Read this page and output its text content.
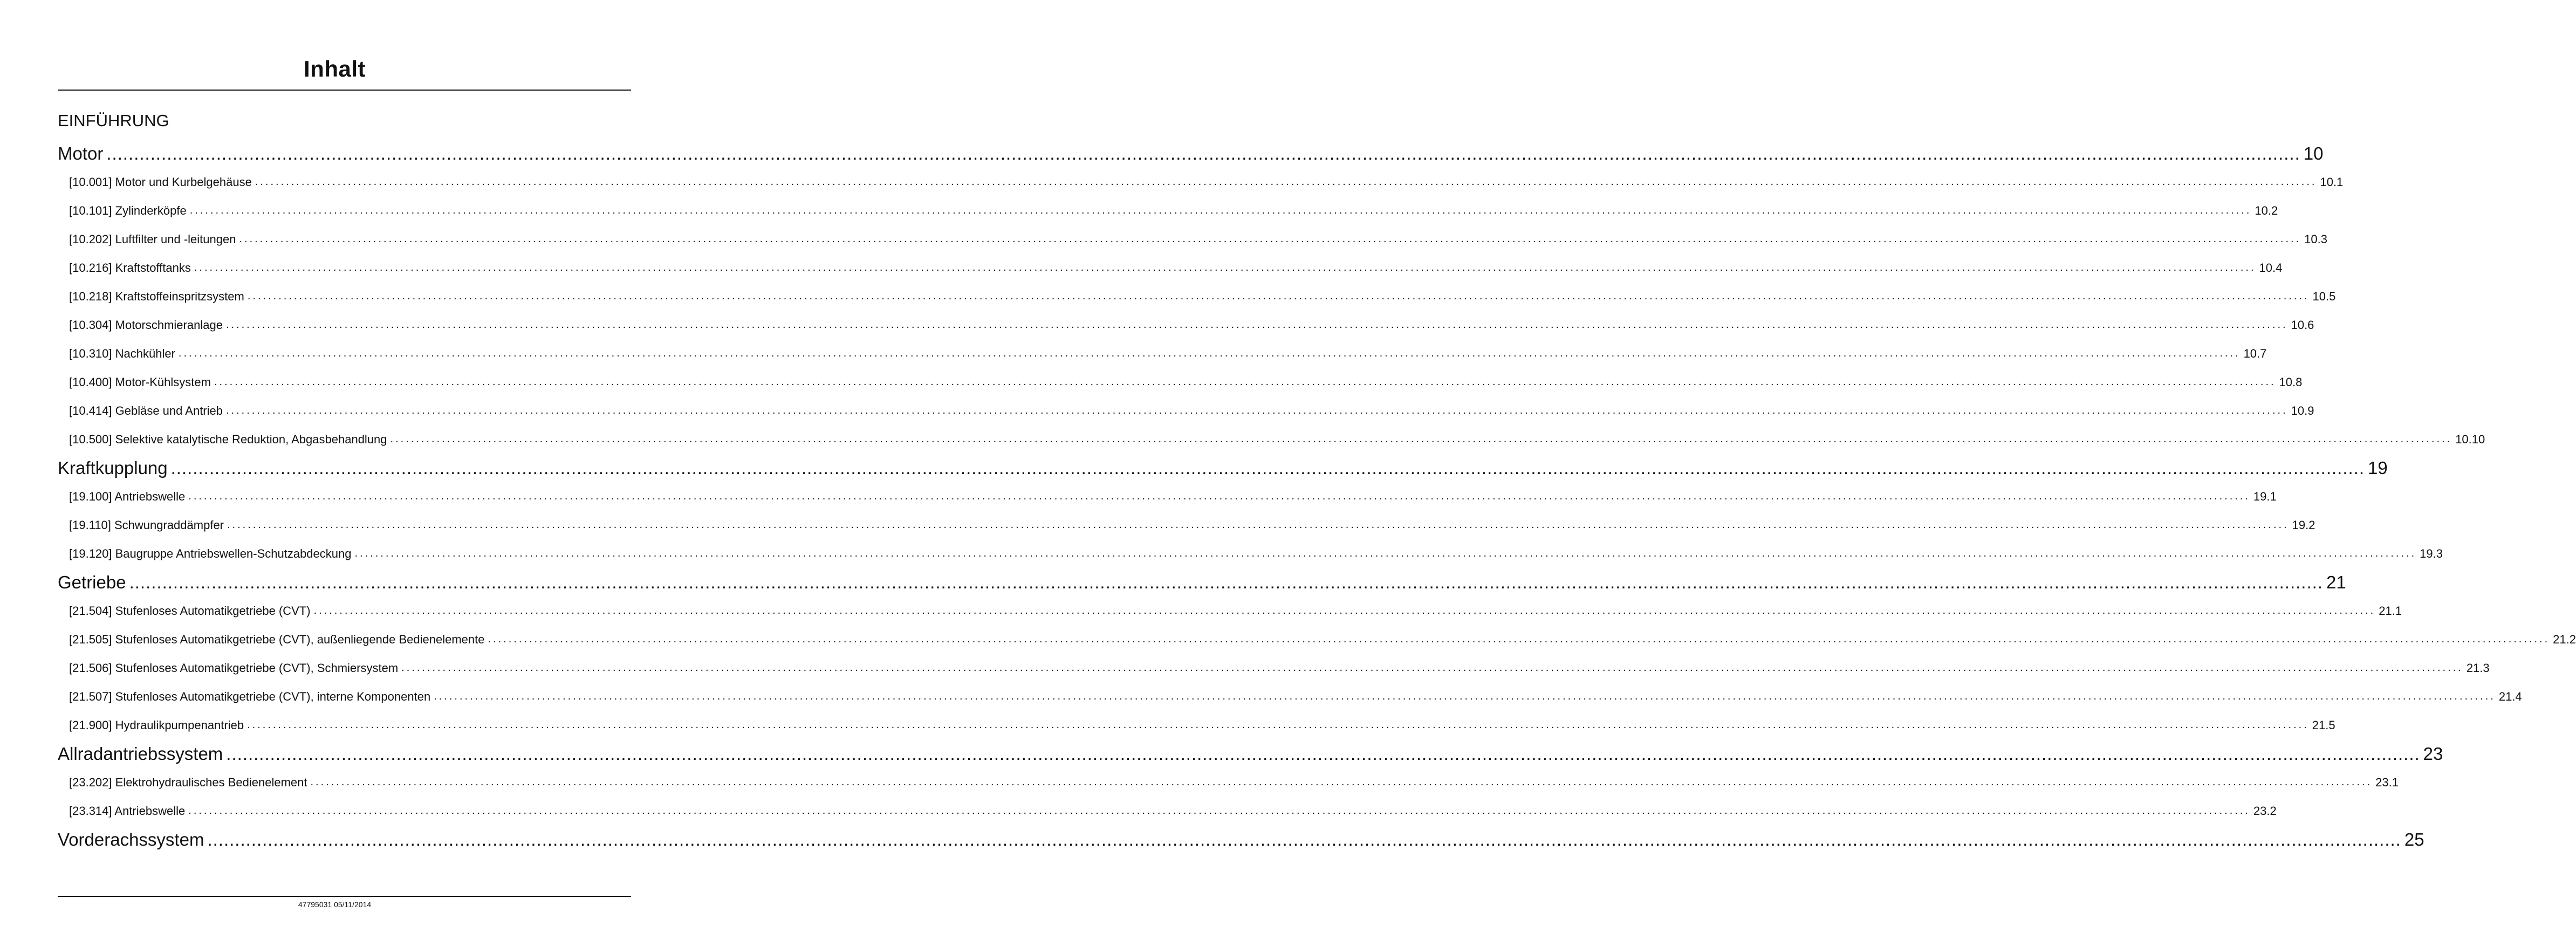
Inhalt
EINFÜHRUNG
Motor ................................................................................................................................................................................................................................................................................................................................................................................................................ 10
[10.001] Motor und Kurbelgehäuse ................................................................................................................................................................................................................................................................................................................................................................................................................ 10.1
[10.101] Zylinderköpfe ................................................................................................................................................................................................................................................................................................................................................................................................................ 10.2
[10.202] Luftfilter und -leitungen ................................................................................................................................................................................................................................................................................................................................................................................................................ 10.3
[10.216] Kraftstofftanks ................................................................................................................................................................................................................................................................................................................................................................................................................ 10.4
[10.218] Kraftstoffeinspritzsystem ................................................................................................................................................................................................................................................................................................................................................................................................................ 10.5
[10.304] Motorschmieranlage ................................................................................................................................................................................................................................................................................................................................................................................................................ 10.6
[10.310] Nachkühler ................................................................................................................................................................................................................................................................................................................................................................................................................ 10.7
[10.400] Motor-Kühlsystem ................................................................................................................................................................................................................................................................................................................................................................................................................ 10.8
[10.414] Gebläse und Antrieb ................................................................................................................................................................................................................................................................................................................................................................................................................ 10.9
[10.500] Selektive katalytische Reduktion, Abgasbehandlung ................................................................................................................................................................................................................................................................................................................................................................................................................ 10.10
Kraftkupplung ................................................................................................................................................................................................................................................................................................................................................................................................................ 19
[19.100] Antriebswelle ................................................................................................................................................................................................................................................................................................................................................................................................................ 19.1
[19.110] Schwungraddämpfer ................................................................................................................................................................................................................................................................................................................................................................................................................ 19.2
[19.120] Baugruppe Antriebswellen-Schutzabdeckung ................................................................................................................................................................................................................................................................................................................................................................................................................ 19.3
Getriebe ................................................................................................................................................................................................................................................................................................................................................................................................................ 21
[21.504] Stufenloses Automatikgetriebe (CVT) ................................................................................................................................................................................................................................................................................................................................................................................................................ 21.1
[21.505] Stufenloses Automatikgetriebe (CVT), außenliegende Bedienelemente ................................................................................................................................................................................................................................................................................................................................................................................................................ 21.2
[21.506] Stufenloses Automatikgetriebe (CVT), Schmiersystem ................................................................................................................................................................................................................................................................................................................................................................................................................ 21.3
[21.507] Stufenloses Automatikgetriebe (CVT), interne Komponenten ................................................................................................................................................................................................................................................................................................................................................................................................................ 21.4
[21.900] Hydraulikpumpenantrieb ................................................................................................................................................................................................................................................................................................................................................................................................................ 21.5
Allradantriebssystem ................................................................................................................................................................................................................................................................................................................................................................................................................ 23
[23.202] Elektrohydraulisches Bedienelement ................................................................................................................................................................................................................................................................................................................................................................................................................ 23.1
[23.314] Antriebswelle ................................................................................................................................................................................................................................................................................................................................................................................................................ 23.2
Vorderachssystem ................................................................................................................................................................................................................................................................................................................................................................................................................ 25
47795031 05/11/2014
